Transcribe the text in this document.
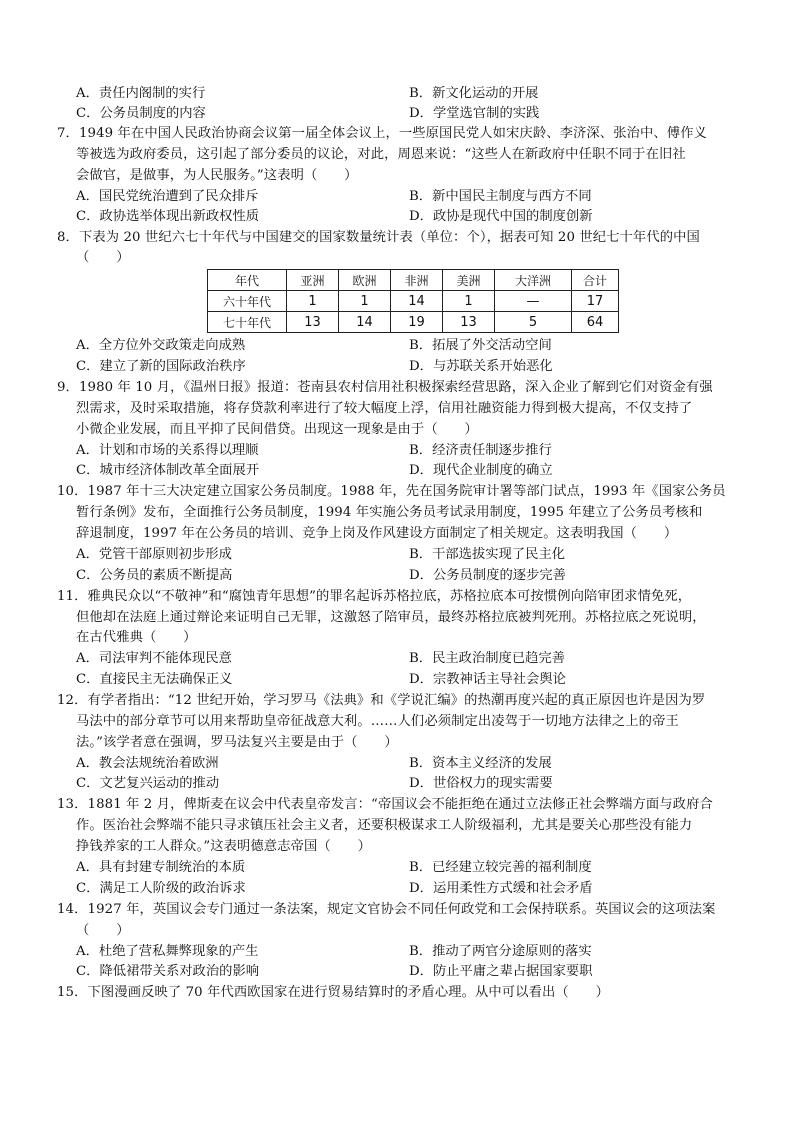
A．责任内阁制的实行	B．新文化运动的开展
C．公务员制度的内容	D．学堂选官制的实践
7．1949 年在中国人民政治协商会议第一届全体会议上，一些原国民党人如宋庆龄、李济深、张治中、傅作义
等被选为政府委员，这引起了部分委员的议论，对此，周恩来说：“这些人在新政府中任职不同于在旧社
会做官，是做事，为人民服务。”这表明（　　）
A．国民党统治遭到了民众排斥	B．新中国民主制度与西方不同
C．政协选举体现出新政权性质	D．政协是现代中国的制度创新
8．下表为 20 世纪六七十年代与中国建交的国家数量统计表（单位：个），据表可知 20 世纪七十年代的中国
（　　）
年代	亚洲	欧洲	非洲	美洲	大洋洲	合计
六十年代	1	1	14	1	—	17
七十年代	13	14	19	13	5	64
A．全方位外交政策走向成熟	B．拓展了外交活动空间
C．建立了新的国际政治秩序	D．与苏联关系开始恶化
9．1980 年 10 月，《温州日报》报道：苍南县农村信用社积极探索经营思路，深入企业了解到它们对资金有强
烈需求，及时采取措施，将存贷款利率进行了较大幅度上浮，信用社融资能力得到极大提高，不仅支持了
小微企业发展，而且平抑了民间借贷。出现这一现象是由于（　　）
A．计划和市场的关系得以理顺	B．经济责任制逐步推行
C．城市经济体制改革全面展开	D．现代企业制度的确立
10．1987 年十三大决定建立国家公务员制度。1988 年，先在国务院审计署等部门试点，1993 年《国家公务员
暂行条例》发布，全面推行公务员制度，1994 年实施公务员考试录用制度，1995 年建立了公务员考核和
辞退制度，1997 年在公务员的培训、竞争上岗及作风建设方面制定了相关规定。这表明我国（　　）
A．党管干部原则初步形成	B．干部选拔实现了民主化
C．公务员的素质不断提高	D．公务员制度的逐步完善
11．雅典民众以“不敬神”和“腐蚀青年思想”的罪名起诉苏格拉底，苏格拉底本可按惯例向陪审团求情免死，
但他却在法庭上通过辩论来证明自己无罪，这激怒了陪审员，最终苏格拉底被判死刑。苏格拉底之死说明，
在古代雅典（　　）
A．司法审判不能体现民意	B．民主政治制度已趋完善
C．直接民主无法确保正义	D．宗教神话主导社会舆论
12．有学者指出：“12 世纪开始，学习罗马《法典》和《学说汇编》的热潮再度兴起的真正原因也许是因为罗
马法中的部分章节可以用来帮助皇帝征战意大利。……人们必须制定出凌驾于一切地方法律之上的帝王
法。”该学者意在强调，罗马法复兴主要是由于（　　）
A．教会法规统治着欧洲	B．资本主义经济的发展
C．文艺复兴运动的推动	D．世俗权力的现实需要
13．1881 年 2 月，俾斯麦在议会中代表皇帝发言：“帝国议会不能拒绝在通过立法修正社会弊端方面与政府合
作。医治社会弊端不能只寻求镇压社会主义者，还要积极谋求工人阶级福利，尤其是要关心那些没有能力
挣钱养家的工人群众。”这表明德意志帝国（　　）
A．具有封建专制统治的本质	B．已经建立较完善的福利制度
C．满足工人阶级的政治诉求	D．运用柔性方式缓和社会矛盾
14．1927 年，英国议会专门通过一条法案，规定文官协会不同任何政党和工会保持联系。英国议会的这项法案
（　　）
A．杜绝了营私舞弊现象的产生	B．推动了两官分途原则的落实
C．降低裙带关系对政治的影响	D．防止平庸之辈占据国家要职
15．下图漫画反映了 70 年代西欧国家在进行贸易结算时的矛盾心理。从中可以看出（　　）
